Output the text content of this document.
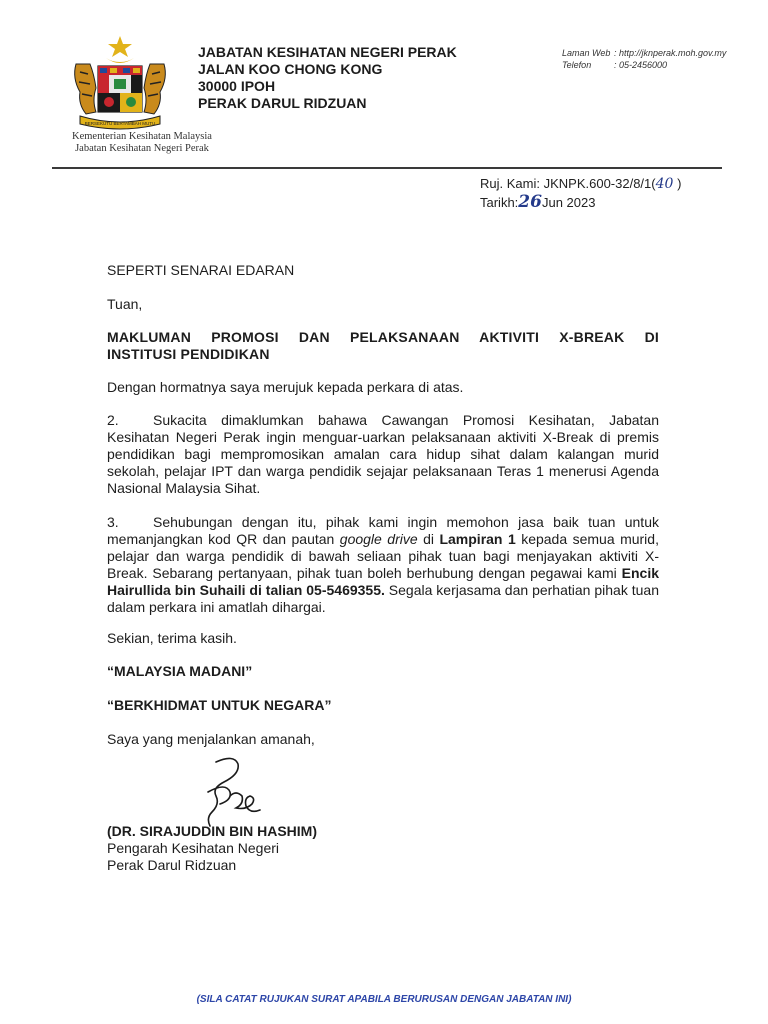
BERSEKUTU BERTAMBAH MUTU
Kementerian Kesihatan Malaysia
Jabatan Kesihatan Negeri Perak
JABATAN KESIHATAN NEGERI PERAK
JALAN KOO CHONG KONG
30000 IPOH
PERAK DARUL RIDZUAN
Laman Web : http://jknperak.moh.gov.my
Telefon	: 05-2456000
Ruj. Kami: JKNPK.600-32/8/1(40 )
Tarikh:26Jun 2023
SEPERTI SENARAI EDARAN
Tuan,
MAKLUMAN PROMOSI DAN PELAKSANAAN AKTIVITI X-BREAK DI
INSTITUSI PENDIDIKAN
Dengan hormatnya saya merujuk kepada perkara di atas.
2. Sukacita dimaklumkan bahawa Cawangan Promosi Kesihatan, Jabatan Kesihatan Negeri Perak ingin menguar-uarkan pelaksanaan aktiviti X-Break di premis pendidikan bagi mempromosikan amalan cara hidup sihat dalam kalangan murid sekolah, pelajar IPT dan warga pendidik sejajar pelaksanaan Teras 1 menerusi Agenda Nasional Malaysia Sihat.
3. Sehubungan dengan itu, pihak kami ingin memohon jasa baik tuan untuk memanjangkan kod QR dan pautan google drive di Lampiran 1 kepada semua murid, pelajar dan warga pendidik di bawah seliaan pihak tuan bagi menjayakan aktiviti X-Break. Sebarang pertanyaan, pihak tuan boleh berhubung dengan pegawai kami Encik Hairullida bin Suhaili di talian 05-5469355. Segala kerjasama dan perhatian pihak tuan dalam perkara ini amatlah dihargai.
Sekian, terima kasih.
“MALAYSIA MADANI”
“BERKHIDMAT UNTUK NEGARA”
Saya yang menjalankan amanah,
(DR. SIRAJUDDIN BIN HASHIM)
Pengarah Kesihatan Negeri
Perak Darul Ridzuan
(SILA CATAT RUJUKAN SURAT APABILA BERURUSAN DENGAN JABATAN INI)
